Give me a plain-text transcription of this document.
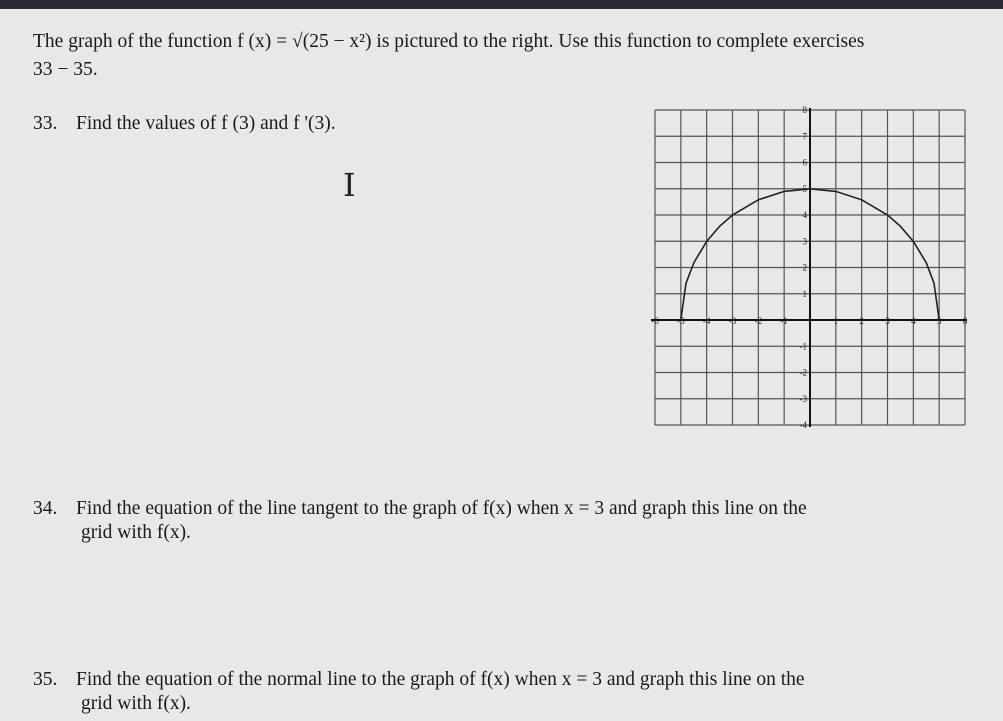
The graph of the function f (x) = √(25 − x²) is pictured to the right. Use this function to complete exercises
33 − 35.
33. Find the values of f (3) and f '(3).
I
-6 -5 -4 -3 -2 -1	1 2 3 4 5 6
8
7
6
5
4
3
2
1
-1
-2
-3
-4
34. Find the equation of the line tangent to the graph of f(x) when x = 3 and graph this line on the
grid with f(x).
35. Find the equation of the normal line to the graph of f(x) when x = 3 and graph this line on the
grid with f(x).
